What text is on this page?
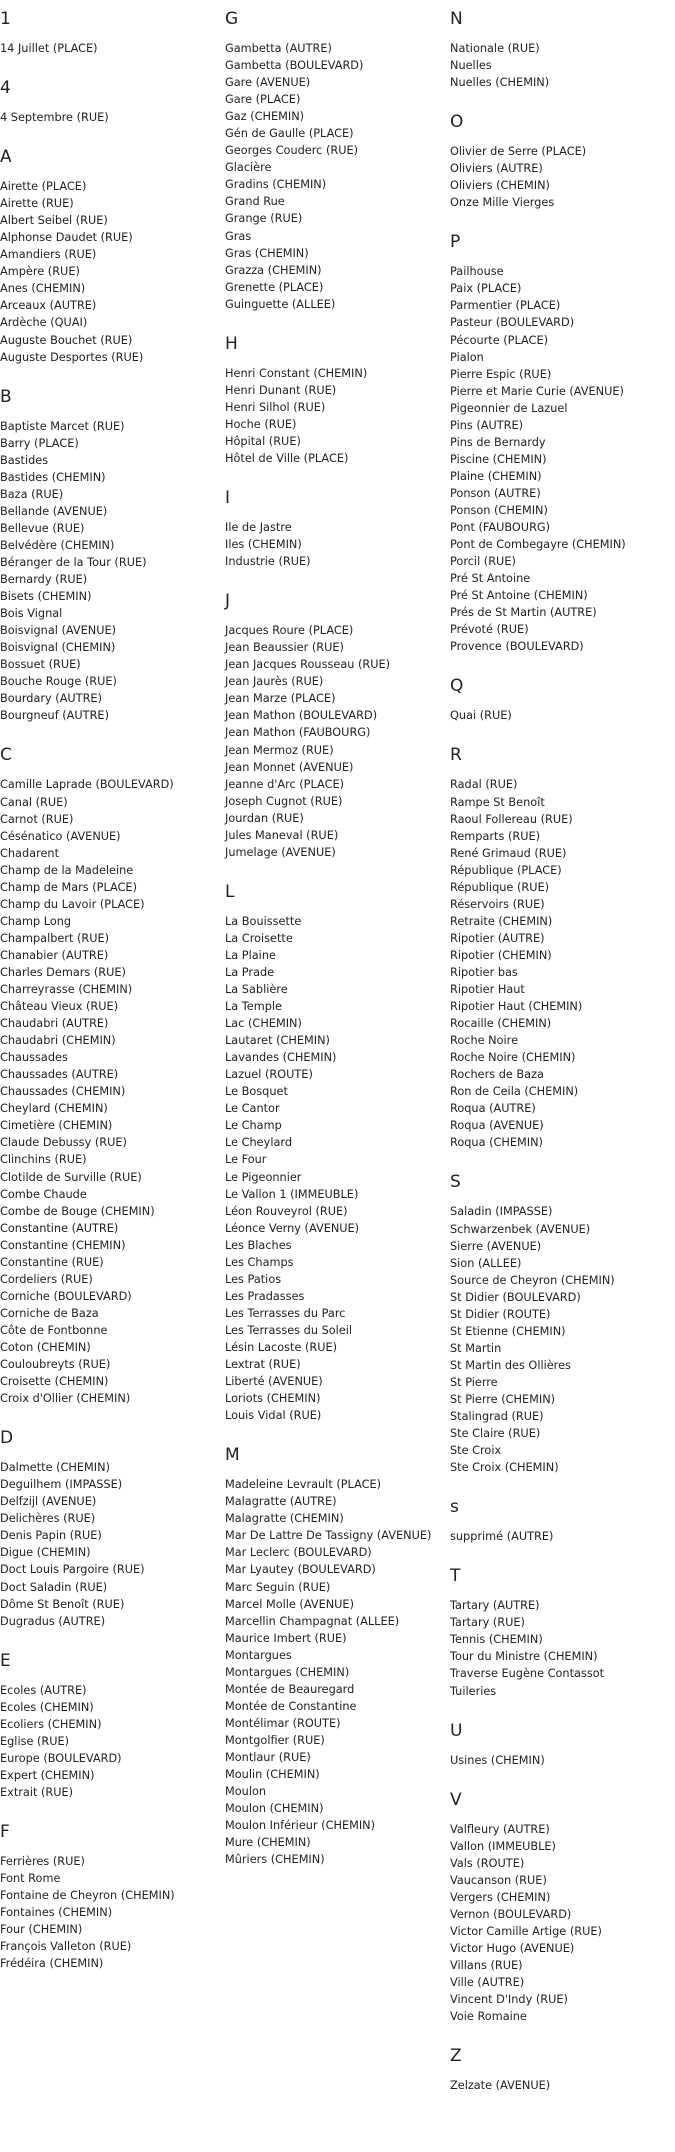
1
14 Juillet (PLACE)
4
4 Septembre (RUE)
A
Airette (PLACE)
Airette (RUE)
Albert Seibel (RUE)
Alphonse Daudet (RUE)
Amandiers (RUE)
Ampère (RUE)
Anes (CHEMIN)
Arceaux (AUTRE)
Ardèche (QUAI)
Auguste Bouchet (RUE)
Auguste Desportes (RUE)
B
Baptiste Marcet (RUE)
Barry (PLACE)
Bastides
Bastides (CHEMIN)
Baza (RUE)
Bellande (AVENUE)
Bellevue (RUE)
Belvédère (CHEMIN)
Béranger de la Tour (RUE)
Bernardy (RUE)
Bisets (CHEMIN)
Bois Vignal
Boisvignal (AVENUE)
Boisvignal (CHEMIN)
Bossuet (RUE)
Bouche Rouge (RUE)
Bourdary (AUTRE)
Bourgneuf (AUTRE)
C
Camille Laprade (BOULEVARD)
Canal (RUE)
Carnot (RUE)
Césénatico (AVENUE)
Chadarent
Champ de la Madeleine
Champ de Mars (PLACE)
Champ du Lavoir (PLACE)
Champ Long
Champalbert (RUE)
Chanabier (AUTRE)
Charles Demars (RUE)
Charreyrasse (CHEMIN)
Château Vieux (RUE)
Chaudabri (AUTRE)
Chaudabri (CHEMIN)
Chaussades
Chaussades (AUTRE)
Chaussades (CHEMIN)
Cheylard (CHEMIN)
Cimetière (CHEMIN)
Claude Debussy (RUE)
Clinchins (RUE)
Clotilde de Surville (RUE)
Combe Chaude
Combe de Bouge (CHEMIN)
Constantine (AUTRE)
Constantine (CHEMIN)
Constantine (RUE)
Cordeliers (RUE)
Corniche (BOULEVARD)
Corniche de Baza
Côte de Fontbonne
Coton (CHEMIN)
Couloubreyts (RUE)
Croisette (CHEMIN)
Croix d'Ollier (CHEMIN)
D
Dalmette (CHEMIN)
Deguilhem (IMPASSE)
Delfzijl (AVENUE)
Delichères (RUE)
Denis Papin (RUE)
Digue (CHEMIN)
Doct Louis Pargoire (RUE)
Doct Saladin (RUE)
Dôme St Benoît (RUE)
Dugradus (AUTRE)
E
Ecoles (AUTRE)
Ecoles (CHEMIN)
Ecoliers (CHEMIN)
Eglise (RUE)
Europe (BOULEVARD)
Expert (CHEMIN)
Extrait (RUE)
F
Ferrières (RUE)
Font Rome
Fontaine de Cheyron (CHEMIN)
Fontaines (CHEMIN)
Four (CHEMIN)
François Valleton (RUE)
Frédéira (CHEMIN)
G
Gambetta (AUTRE)
Gambetta (BOULEVARD)
Gare (AVENUE)
Gare (PLACE)
Gaz (CHEMIN)
Gén de Gaulle (PLACE)
Georges Couderc (RUE)
Glacière
Gradins (CHEMIN)
Grand Rue
Grange (RUE)
Gras
Gras (CHEMIN)
Grazza (CHEMIN)
Grenette (PLACE)
Guinguette (ALLEE)
H
Henri Constant (CHEMIN)
Henri Dunant (RUE)
Henri Silhol (RUE)
Hoche (RUE)
Hôpital (RUE)
Hôtel de Ville (PLACE)
I
Ile de Jastre
Iles (CHEMIN)
Industrie (RUE)
J
Jacques Roure (PLACE)
Jean Beaussier (RUE)
Jean Jacques Rousseau (RUE)
Jean Jaurès (RUE)
Jean Marze (PLACE)
Jean Mathon (BOULEVARD)
Jean Mathon (FAUBOURG)
Jean Mermoz (RUE)
Jean Monnet (AVENUE)
Jeanne d'Arc (PLACE)
Joseph Cugnot (RUE)
Jourdan (RUE)
Jules Maneval (RUE)
Jumelage (AVENUE)
L
La Bouissette
La Croisette
La Plaine
La Prade
La Sablière
La Temple
Lac (CHEMIN)
Lautaret (CHEMIN)
Lavandes (CHEMIN)
Lazuel (ROUTE)
Le Bosquet
Le Cantor
Le Champ
Le Cheylard
Le Four
Le Pigeonnier
Le Vallon 1 (IMMEUBLE)
Léon Rouveyrol (RUE)
Léonce Verny (AVENUE)
Les Blaches
Les Champs
Les Patios
Les Pradasses
Les Terrasses du Parc
Les Terrasses du Soleil
Lésin Lacoste (RUE)
Lextrat (RUE)
Liberté (AVENUE)
Loriots (CHEMIN)
Louis Vidal (RUE)
M
Madeleine Levrault (PLACE)
Malagratte (AUTRE)
Malagratte (CHEMIN)
Mar De Lattre De Tassigny (AVENUE)
Mar Leclerc (BOULEVARD)
Mar Lyautey (BOULEVARD)
Marc Seguin (RUE)
Marcel Molle (AVENUE)
Marcellin Champagnat (ALLEE)
Maurice Imbert (RUE)
Montargues
Montargues (CHEMIN)
Montée de Beauregard
Montée de Constantine
Montélimar (ROUTE)
Montgolfier (RUE)
Montlaur (RUE)
Moulin (CHEMIN)
Moulon
Moulon (CHEMIN)
Moulon Inférieur (CHEMIN)
Mure (CHEMIN)
Mûriers (CHEMIN)
N
Nationale (RUE)
Nuelles
Nuelles (CHEMIN)
O
Olivier de Serre (PLACE)
Oliviers (AUTRE)
Oliviers (CHEMIN)
Onze Mille Vierges
P
Pailhouse
Paix (PLACE)
Parmentier (PLACE)
Pasteur (BOULEVARD)
Pécourte (PLACE)
Pialon
Pierre Espic (RUE)
Pierre et Marie Curie (AVENUE)
Pigeonnier de Lazuel
Pins (AUTRE)
Pins de Bernardy
Piscine (CHEMIN)
Plaine (CHEMIN)
Ponson (AUTRE)
Ponson (CHEMIN)
Pont (FAUBOURG)
Pont de Combegayre (CHEMIN)
Porcil (RUE)
Pré St Antoine
Pré St Antoine (CHEMIN)
Prés de St Martin (AUTRE)
Prévoté (RUE)
Provence (BOULEVARD)
Q
Quai (RUE)
R
Radal (RUE)
Rampe St Benoît
Raoul Follereau (RUE)
Remparts (RUE)
René Grimaud (RUE)
République (PLACE)
République (RUE)
Réservoirs (RUE)
Retraite (CHEMIN)
Ripotier (AUTRE)
Ripotier (CHEMIN)
Ripotier bas
Ripotier Haut
Ripotier Haut (CHEMIN)
Rocaille (CHEMIN)
Roche Noire
Roche Noire (CHEMIN)
Rochers de Baza
Ron de Ceila (CHEMIN)
Roqua (AUTRE)
Roqua (AVENUE)
Roqua (CHEMIN)
S
Saladin (IMPASSE)
Schwarzenbek (AVENUE)
Sierre (AVENUE)
Sion (ALLEE)
Source de Cheyron (CHEMIN)
St Didier (BOULEVARD)
St Didier (ROUTE)
St Etienne (CHEMIN)
St Martin
St Martin des Ollières
St Pierre
St Pierre (CHEMIN)
Stalingrad (RUE)
Ste Claire (RUE)
Ste Croix
Ste Croix (CHEMIN)
s
supprimé (AUTRE)
T
Tartary (AUTRE)
Tartary (RUE)
Tennis (CHEMIN)
Tour du Ministre (CHEMIN)
Traverse Eugène Contassot
Tuileries
U
Usines (CHEMIN)
V
Valfleury (AUTRE)
Vallon (IMMEUBLE)
Vals (ROUTE)
Vaucanson (RUE)
Vergers (CHEMIN)
Vernon (BOULEVARD)
Victor Camille Artige (RUE)
Victor Hugo (AVENUE)
Villans (RUE)
Ville (AUTRE)
Vincent D'Indy (RUE)
Voie Romaine
Z
Zelzate (AVENUE)
